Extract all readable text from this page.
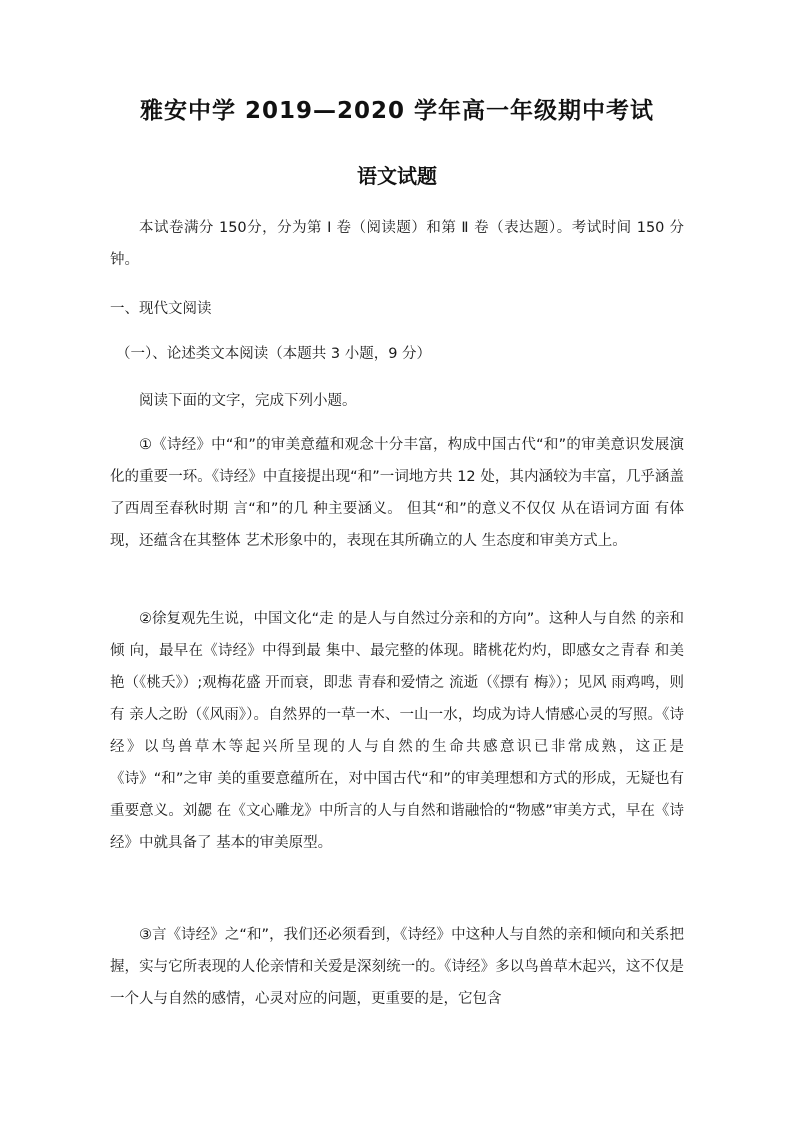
雅安中学 2019—2020 学年高一年级期中考试
语文试题
本试卷满分 150分，分为第 I 卷（阅读题）和第 Ⅱ 卷（表达题）。考试时间 150 分钟。
一、现代文阅读
（一）、论述类文本阅读（本题共 3 小题，9 分）
阅读下面的文字，完成下列小题。
①《诗经》中“和”的审美意蕴和观念十分丰富，构成中国古代“和”的审美意识发展演化的重要一环。《诗经》中直接提出现“和”一词地方共 12 处，其内涵较为丰富，几乎涵盖了西周至春秋时期 言“和”的几 种主要涵义。 但其“和”的意义不仅仅 从在语词方面 有体现，还蕴含在其整体 艺术形象中的，表现在其所确立的人 生态度和审美方式上。
②徐复观先生说，中国文化“走 的是人与自然过分亲和的方向”。这种人与自然 的亲和倾 向，最早在《诗经》中得到最 集中、最完整的体现。睹桃花灼灼，即感女之青春 和美艳（《桃夭》）;观梅花盛 开而衰，即悲 青春和爱情之 流逝（《摽有 梅》）；见风 雨鸡鸣，则有 亲人之盼（《风雨》）。自然界的一草一木、一山一水，均成为诗人情感心灵的写照。《诗经》以鸟兽草木等起兴所呈现的人与自然的生命共感意识已非常成熟，这正是《诗》“和”之审 美的重要意蕴所在，对中国古代“和”的审美理想和方式的形成，无疑也有重要意义。刘勰 在《文心雕龙》中所言的人与自然和谐融恰的“物感”审美方式，早在《诗经》中就具备了 基本的审美原型。
③言《诗经》之“和”，我们还必须看到，《诗经》中这种人与自然的亲和倾向和关系把握，实与它所表现的人伦亲情和关爱是深刻统一的。《诗经》多以鸟兽草木起兴，这不仅是一个人与自然的感情，心灵对应的问题，更重要的是，它包含
